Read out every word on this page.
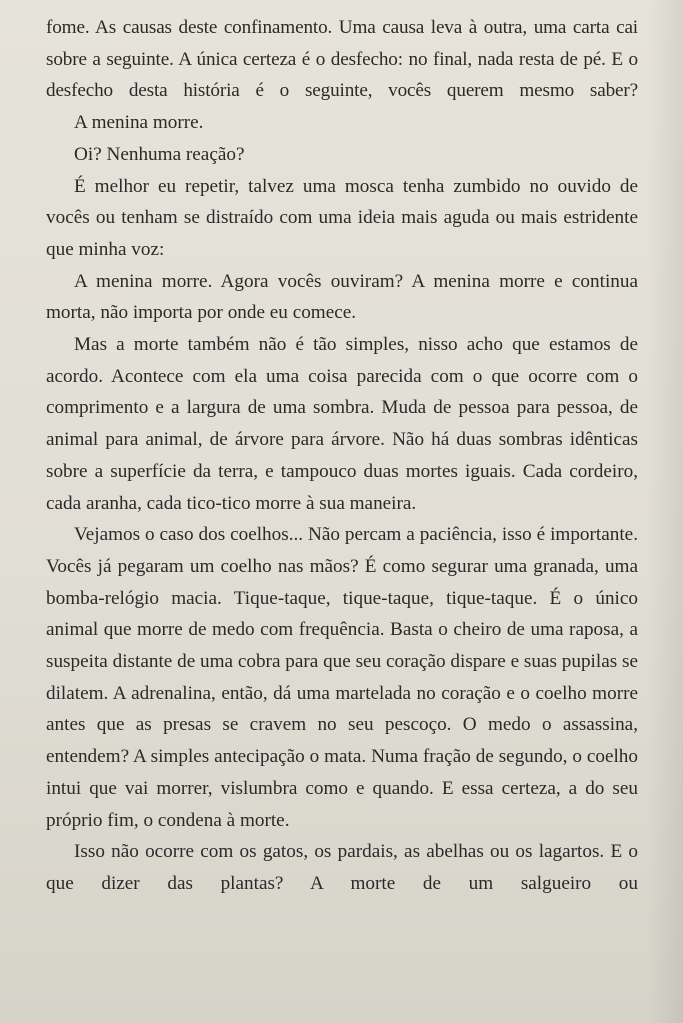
fome. As causas deste confinamento. Uma causa leva à outra, uma carta cai sobre a seguinte. A única certeza é o desfecho: no final, nada resta de pé. E o desfecho desta história é o seguinte, vocês querem mesmo saber?

A menina morre.

Oi? Nenhuma reação?

É melhor eu repetir, talvez uma mosca tenha zumbido no ouvido de vocês ou tenham se distraído com uma ideia mais aguda ou mais estridente que minha voz:

A menina morre. Agora vocês ouviram? A menina morre e continua morta, não importa por onde eu comece.

Mas a morte também não é tão simples, nisso acho que estamos de acordo. Acontece com ela uma coisa parecida com o que ocorre com o comprimento e a largura de uma sombra. Muda de pessoa para pessoa, de animal para animal, de árvore para árvore. Não há duas sombras idênticas sobre a superfície da terra, e tampouco duas mortes iguais. Cada cordeiro, cada aranha, cada tico-tico morre à sua maneira.

Vejamos o caso dos coelhos... Não percam a paciência, isso é importante. Vocês já pegaram um coelho nas mãos? É como segurar uma granada, uma bomba-relógio macia. Tique-taque, tique-taque, tique-taque. É o único animal que morre de medo com frequência. Basta o cheiro de uma raposa, a suspeita distante de uma cobra para que seu coração dispare e suas pupilas se dilatem. A adrenalina, então, dá uma martelada no coração e o coelho morre antes que as presas se cravem no seu pescoço. O medo o assassina, entendem? A simples antecipação o mata. Numa fração de segundo, o coelho intui que vai morrer, vislumbra como e quando. E essa certeza, a do seu próprio fim, o condena à morte.

Isso não ocorre com os gatos, os pardais, as abelhas ou os lagartos. E o que dizer das plantas? A morte de um salgueiro ou
